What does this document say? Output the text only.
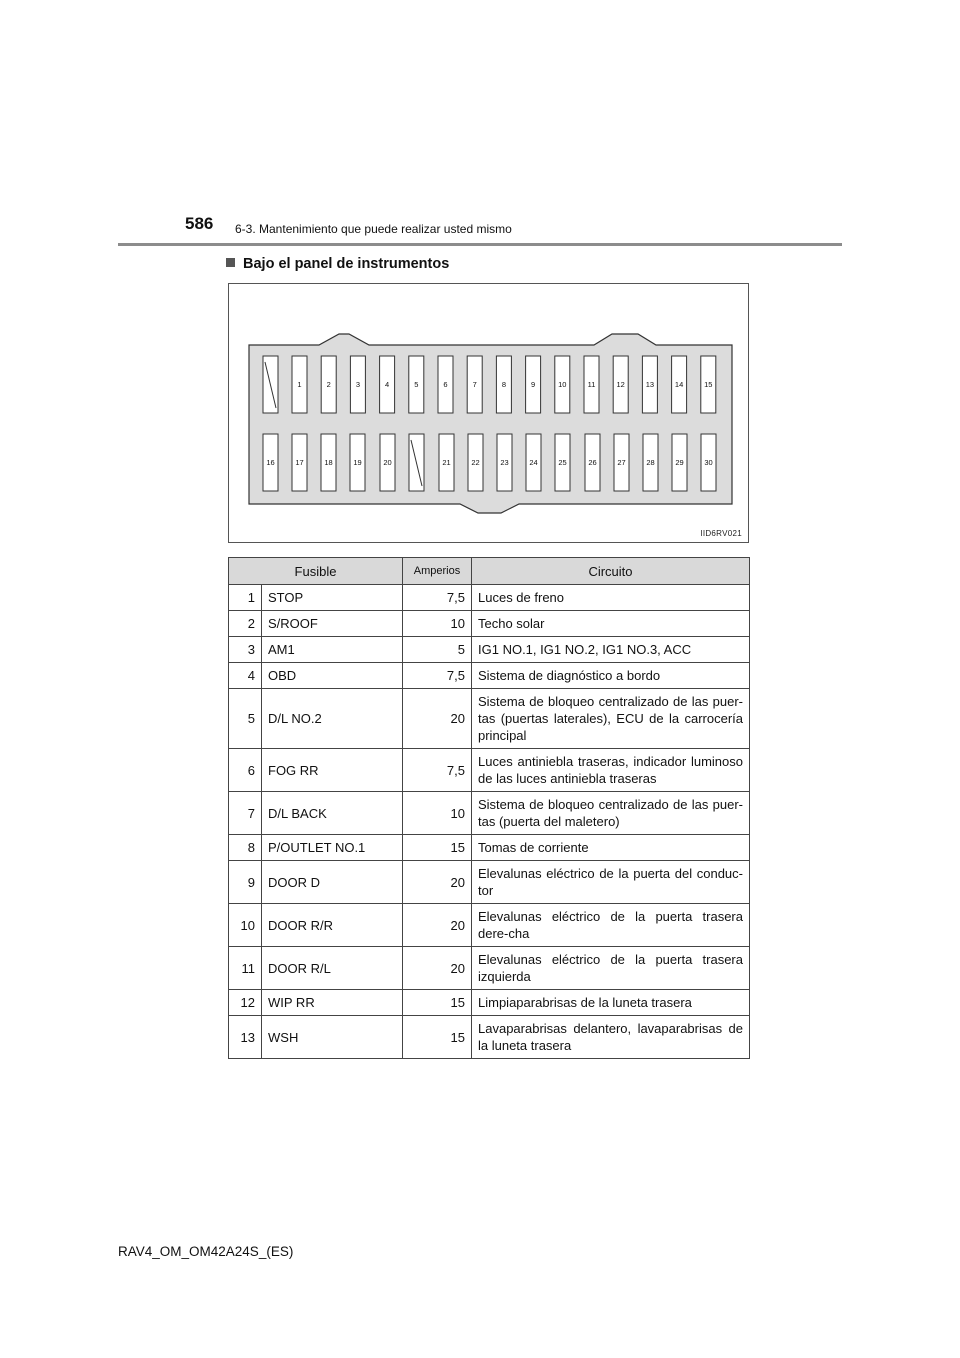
586 6-3. Mantenimiento que puede realizar usted mismo
Bajo el panel de instrumentos
1	2	3	4	5	6	7	8	9	10	11	12	13	14	15
16	17	18	19	20	21	22	23	24	25	26	27	28	29	30
IID6RV021
Fusible		Amperios	Circuito
1	STOP	7,5	Luces de freno
2	S/ROOF	10	Techo solar
3	AM1	5	IG1 NO.1, IG1 NO.2, IG1 NO.3, ACC
4	OBD	7,5	Sistema de diagnóstico a bordo
5	D/L NO.2	20	Sistema de bloqueo centralizado de las puer-tas (puertas laterales), ECU de la carrocería principal
6	FOG RR	7,5	Luces antiniebla traseras, indicador luminoso de las luces antiniebla traseras
7	D/L BACK	10	Sistema de bloqueo centralizado de las puer-tas (puerta del maletero)
8	P/OUTLET NO.1	15	Tomas de corriente
9	DOOR D	20	Elevalunas eléctrico de la puerta del conduc-tor
10	DOOR R/R	20	Elevalunas eléctrico de la puerta trasera dere-cha
11	DOOR R/L	20	Elevalunas eléctrico de la puerta trasera izquierda
12	WIP RR	15	Limpiaparabrisas de la luneta trasera
13	WSH	15	Lavaparabrisas delantero, lavaparabrisas de la luneta trasera
RAV4_OM_OM42A24S_(ES)
